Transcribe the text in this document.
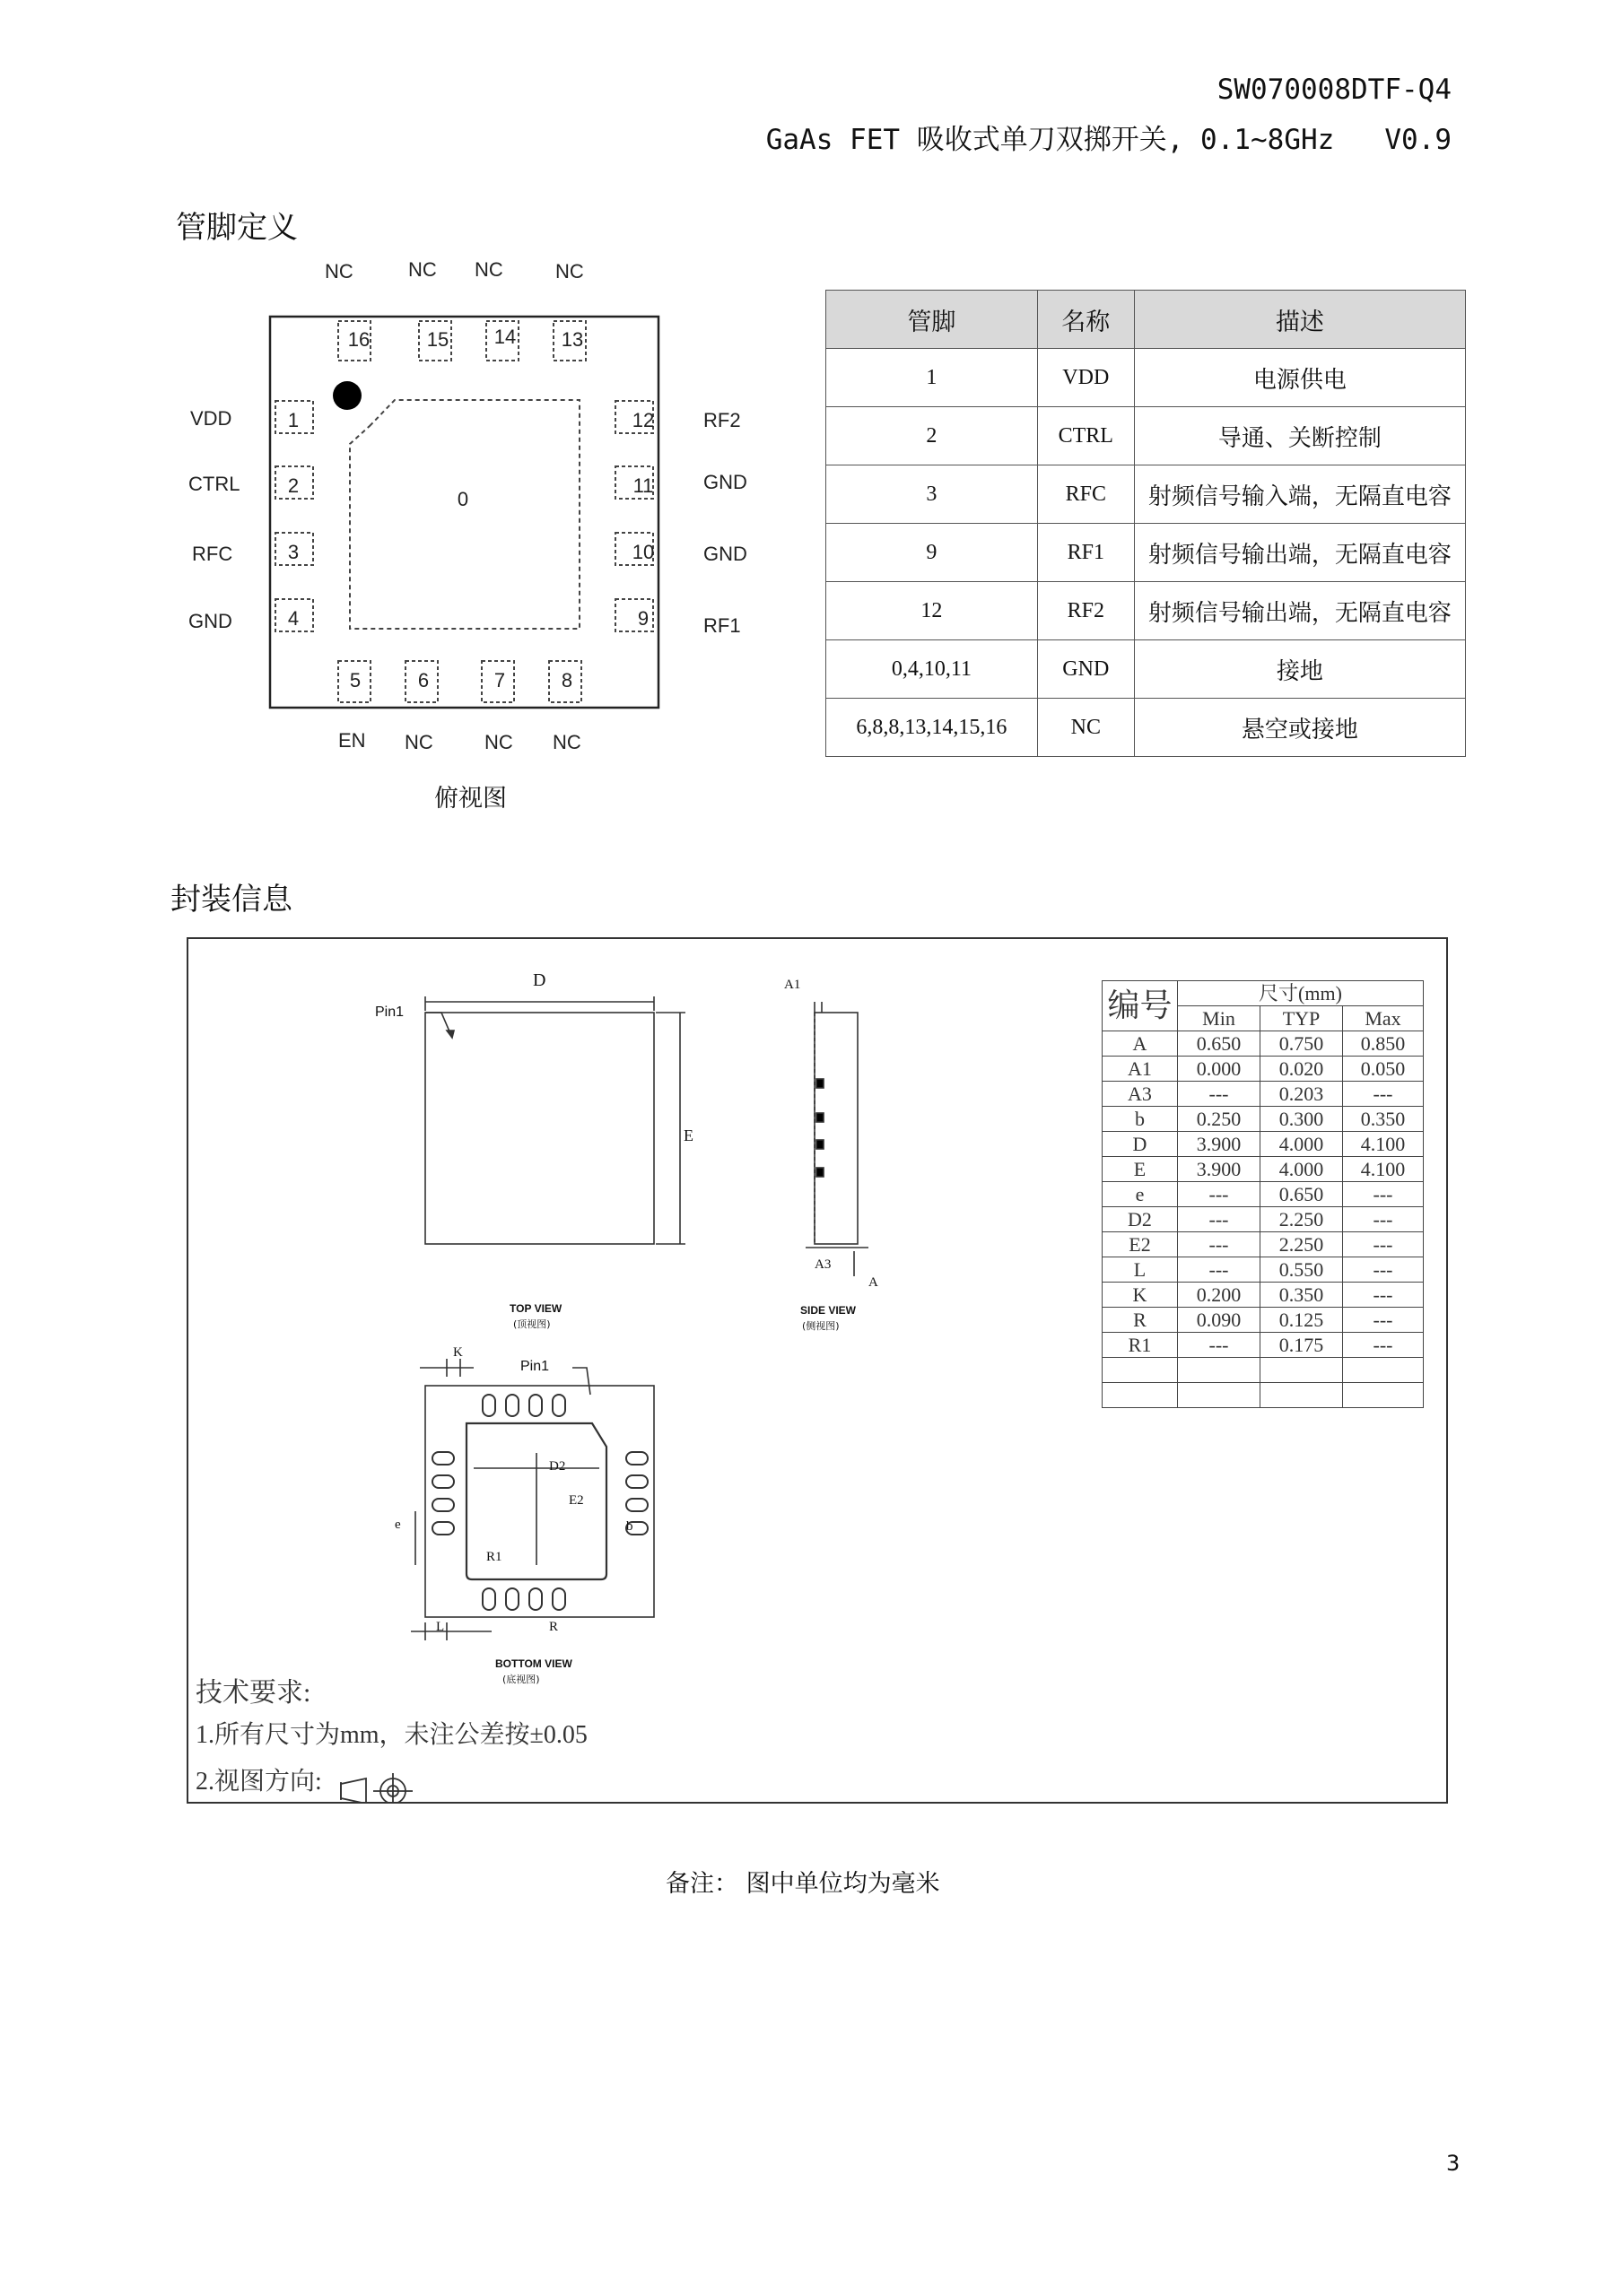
SW070008DTF-Q4
GaAs FET 吸收式单刀双掷开关, 0.1~8GHz   V0.9
管脚定义
16	15	14	13
1
2
3
4
12
11
10
9
5	6	7	8
0
NC	NC NC	NC
VDD
CTRL
RFC
GND
RF2
GND
GND
RF1
EN NC	NC NC
俯视图
管脚	名称	描述
1	VDD	电源供电
2	CTRL	导通、关断控制
3	RFC	射频信号输入端，无隔直电容
9	RF1	射频信号输出端，无隔直电容
12	RF2	射频信号输出端，无隔直电容
0,4,10,11	GND	接地
6,8,8,13,14,15,16	NC	悬空或接地
封装信息
D
E
Pin1
TOP VIEW
(顶视图)
SIDE VIEW
(侧视图)
A1
A3
A
Pin1
K
D2
E2
R1
e	b
L	R
BOTTOM VIEW
(底视图)
技术要求:
1.所有尺寸为mm，未注公差按±0.05
2.视图方向:
编号	尺寸(mm)		
	Min	TYP	Max
A	0.650	0.750	0.850
A1	0.000	0.020	0.050
A3	---	0.203	---
b	0.250	0.300	0.350
D	3.900	4.000	4.100
E	3.900	4.000	4.100
e	---	0.650	---
D2	---	2.250	---
E2	---	2.250	---
L	---	0.550	---
K	0.200	0.350	---
R	0.090	0.125	---
R1	---	0.175	---

备注： 图中单位均为毫米
3
